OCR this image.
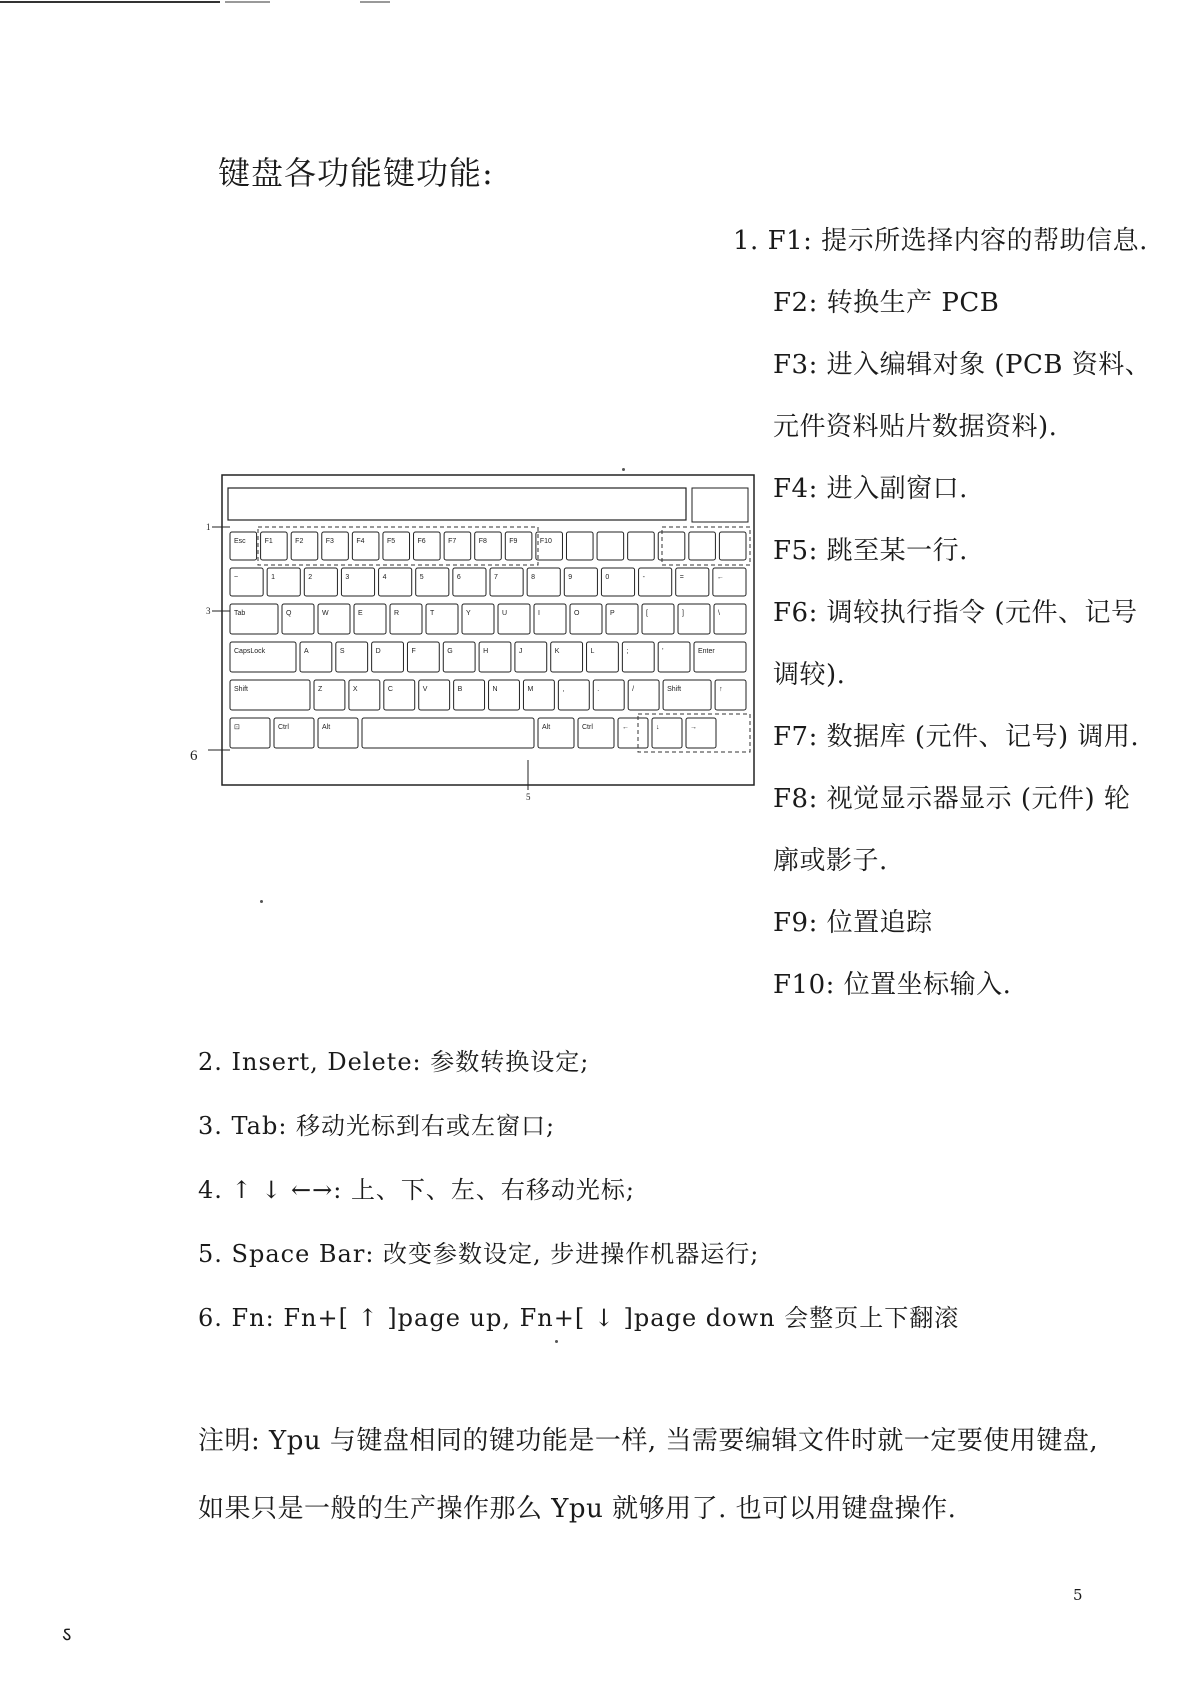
键盘各功能键功能:
1. F1: 提示所选择内容的帮助信息.
F2: 转换生产 PCB
F3: 进入编辑对象 (PCB 资料、
元件资料贴片数据资料).
F4: 进入副窗口.
F5: 跳至某一行.
F6: 调较执行指令 (元件、记号
调较).
F7: 数据库 (元件、记号) 调用.
F8: 视觉显示器显示 (元件) 轮
廓或影子.
F9: 位置追踪
F10: 位置坐标输入.
Esc	F1	F2	F3	F4	F5	F6	F7	F8	F9	F10
~	1	2	3	4	5	6	7	8	9	0	-	=	←
Tab	Q	W	E	R	T	Y	U	I	O	P	[	]	\
CapsLock	A	S	D	F	G	H	J	K	L	;	'	Enter
Shift	Z	X	C	V	B	N	M	,	.	/	Shift	↑
⊡	Ctrl	Alt	Alt	Ctrl	←	↓	→
1
3
6
5
2. Insert, Delete: 参数转换设定;
3. Tab: 移动光标到右或左窗口;
4. ↑ ↓ ←→: 上、下、左、右移动光标;
5. Space Bar: 改变参数设定, 步进操作机器运行;
6. Fn: Fn+[ ↑ ]page up, Fn+[ ↓ ]page down 会整页上下翻滚
注明: Ypu 与键盘相同的键功能是一样, 当需要编辑文件时就一定要使用键盘,
如果只是一般的生产操作那么 Ypu 就够用了. 也可以用键盘操作.
5
ऽ
